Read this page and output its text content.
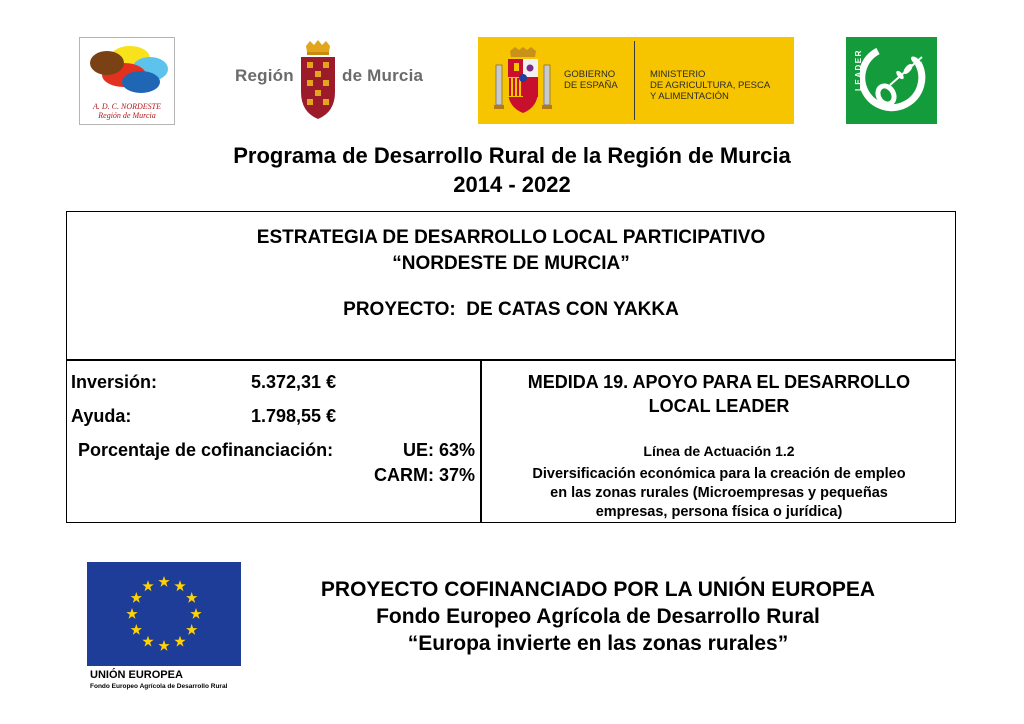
A. D. C. NORDESTE
Región de Murcia
Región	de Murcia	GOBIERNO
DE ESPAÑA
MINISTERIO
DE AGRICULTURA, PESCA
Y ALIMENTACIÓN
LEADER
Programa de Desarrollo Rural de la Región de Murcia
2014 - 2022
ESTRATEGIA DE DESARROLLO LOCAL PARTICIPATIVO
“NORDESTE DE MURCIA”
PROYECTO:  DE CATAS CON YAKKA
Inversión:	5.372,31 €
Ayuda:	1.798,55 €
Porcentaje de cofinanciación:	UE: 63%
CARM: 37%
MEDIDA 19. APOYO PARA EL DESARROLLO
LOCAL LEADER
Línea de Actuación 1.2
Diversificación económica para la creación de empleo
en las zonas rurales (Microempresas y pequeñas
empresas, persona física o jurídica)
UNIÓN EUROPEA
Fondo Europeo Agrícola de Desarrollo Rural
PROYECTO COFINANCIADO POR LA UNIÓN EUROPEA
Fondo Europeo Agrícola de Desarrollo Rural
“Europa invierte en las zonas rurales”
